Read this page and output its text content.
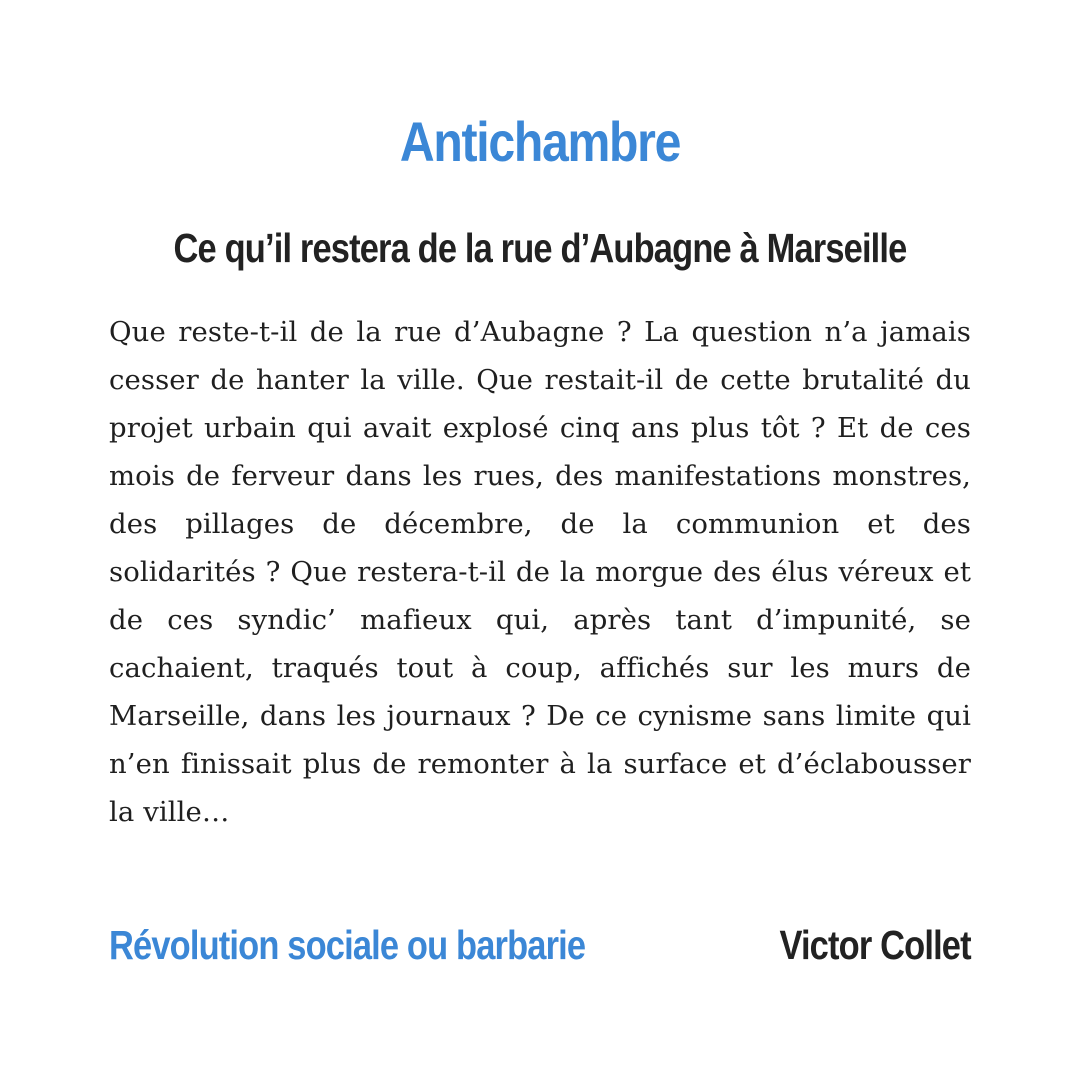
Antichambre
Ce qu’il restera de la rue d’Aubagne à Marseille

Que reste-t-il de la rue d’Aubagne ? La question n’a jamais cesser de hanter la ville. Que restait-il de cette brutalité du projet urbain qui avait explosé cinq ans plus tôt ? Et de ces mois de ferveur dans les rues, des manifestations monstres, des pillages de décembre, de la communion et des solidarités ? Que restera-t-il de la morgue des élus véreux et de ces syndic’ mafieux qui, après tant d’impunité, se cachaient, traqués tout à coup, affichés sur les murs de Marseille, dans les journaux ? De ce cynisme sans limite qui n’en finissait plus de remonter à la surface et d’éclabousser la ville…

Révolution sociale ou barbarie	Victor Collet
